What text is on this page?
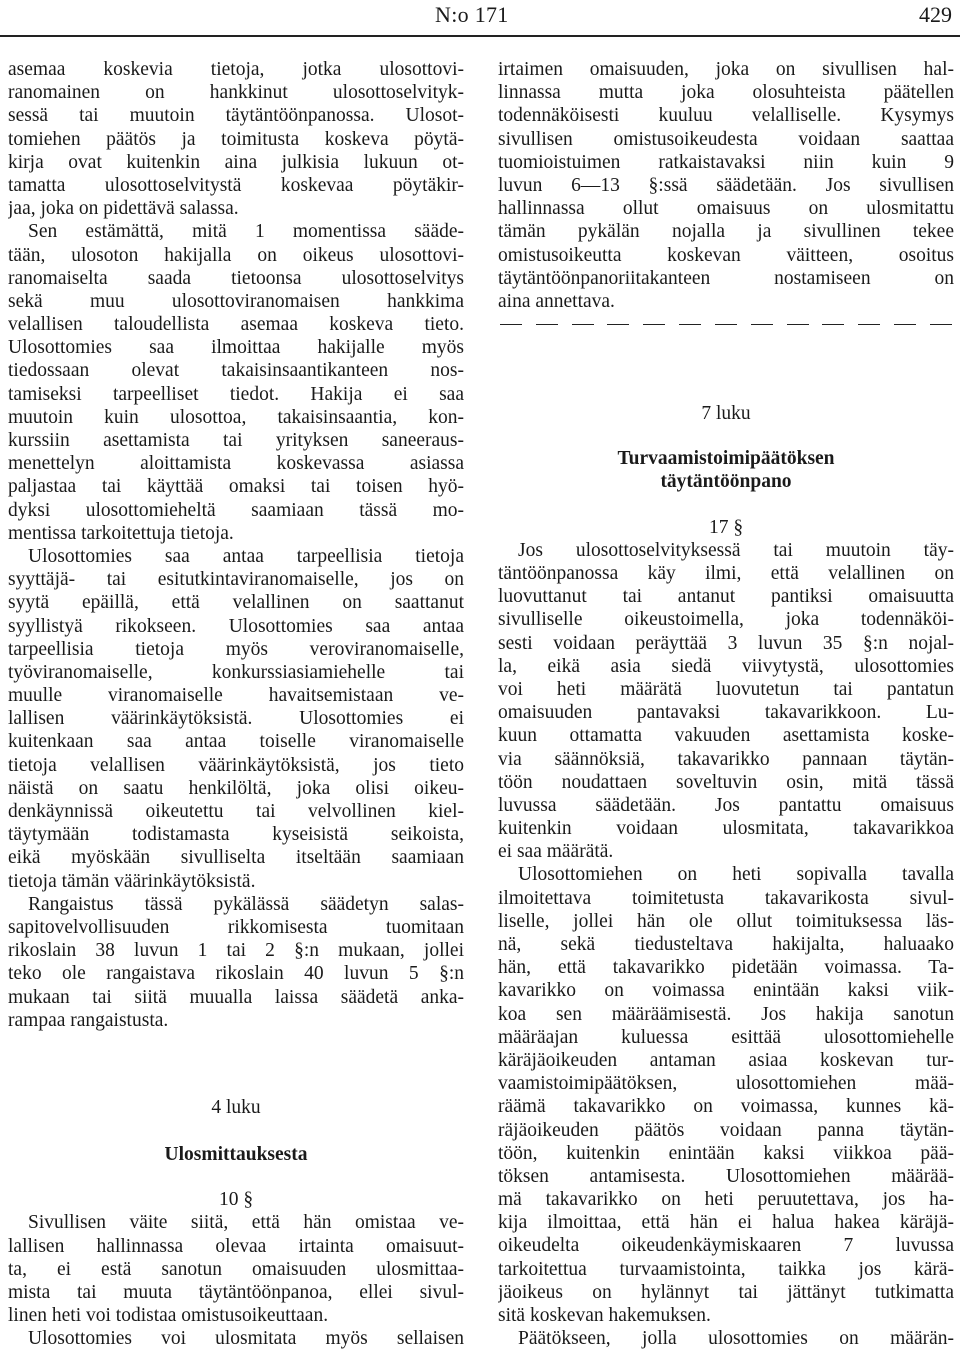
N:o 171	429
asemaa koskevia tietoja, jotka ulosottovi-
ranomainen on hankkinut ulosottoselvityk-
sessä tai muutoin täytäntöönpanossa. Ulosot-
tomiehen päätös ja toimitusta koskeva pöytä-
kirja ovat kuitenkin aina julkisia lukuun ot-
tamatta ulosottoselvitystä koskevaa pöytäkir-
jaa, joka on pidettävä salassa.
Sen estämättä, mitä 1 momentissa sääde-
tään, ulosoton hakijalla on oikeus ulosottovi-
ranomaiselta saada tietoonsa ulosottoselvitys
sekä muu ulosottoviranomaisen hankkima
velallisen taloudellista asemaa koskeva tieto.
Ulosottomies saa ilmoittaa hakijalle myös
tiedossaan olevat takaisinsaantikanteen nos-
tamiseksi tarpeelliset tiedot. Hakija ei saa
muutoin kuin ulosottoa, takaisinsaantia, kon-
kurssiin asettamista tai yrityksen saneeraus-
menettelyn aloittamista koskevassa asiassa
paljastaa tai käyttää omaksi tai toisen hyö-
dyksi ulosottomieheltä saamiaan tässä mo-
mentissa tarkoitettuja tietoja.
Ulosottomies saa antaa tarpeellisia tietoja
syyttäjä- tai esitutkintaviranomaiselle, jos on
syytä epäillä, että velallinen on saattanut
syyllistyä rikokseen. Ulosottomies saa antaa
tarpeellisia tietoja myös veroviranomaiselle,
työviranomaiselle, konkurssiasiamiehelle tai
muulle viranomaiselle havaitsemistaan ve-
lallisen väärinkäytöksistä. Ulosottomies ei
kuitenkaan saa antaa toiselle viranomaiselle
tietoja velallisen väärinkäytöksistä, jos tieto
näistä on saatu henkilöltä, joka olisi oikeu-
denkäynnissä oikeutettu tai velvollinen kiel-
täytymään todistamasta kyseisistä seikoista,
eikä myöskään sivulliselta itseltään saamiaan
tietoja tämän väärinkäytöksistä.
Rangaistus tässä pykälässä säädetyn salas-
sapitovelvollisuuden rikkomisesta tuomitaan
rikoslain 38 luvun 1 tai 2 §:n mukaan, jollei
teko ole rangaistava rikoslain 40 luvun 5 §:n
mukaan tai siitä muualla laissa säädetä anka-
rampaa rangaistusta.
4 luku
Ulosmittauksesta
10 §
Sivullisen väite siitä, että hän omistaa ve-
lallisen hallinnassa olevaa irtainta omaisuut-
ta, ei estä sanotun omaisuuden ulosmittaa-
mista tai muuta täytäntöönpanoa, ellei sivul-
linen heti voi todistaa omistusoikeuttaan.
Ulosottomies voi ulosmitata myös sellaisen
irtaimen omaisuuden, joka on sivullisen hal-
linnassa mutta joka olosuhteista päätellen
todennäköisesti kuuluu velalliselle. Kysymys
sivullisen omistusoikeudesta voidaan saattaa
tuomioistuimen ratkaistavaksi niin kuin 9
luvun 6—13 §:ssä säädetään. Jos sivullisen
hallinnassa ollut omaisuus on ulosmitattu
tämän pykälän nojalla ja sivullinen tekee
omistusoikeutta koskevan väitteen, osoitus
täytäntöönpanoriitakanteen nostamiseen on
aina annettava.
7 luku
Turvaamistoimipäätöksen
täytäntöönpano
17 §
Jos ulosottoselvityksessä tai muutoin täy-
täntöönpanossa käy ilmi, että velallinen on
luovuttanut tai antanut pantiksi omaisuutta
sivulliselle oikeustoimella, joka todennäköi-
sesti voidaan peräyttää 3 luvun 35 §:n nojal-
la, eikä asia siedä viivytystä, ulosottomies
voi heti määrätä luovutetun tai pantatun
omaisuuden pantavaksi takavarikkoon. Lu-
kuun ottamatta vakuuden asettamista koske-
via säännöksiä, takavarikko pannaan täytän-
töön noudattaen soveltuvin osin, mitä tässä
luvussa säädetään. Jos pantattu omaisuus
kuitenkin voidaan ulosmitata, takavarikkoa
ei saa määrätä.
Ulosottomiehen on heti sopivalla tavalla
ilmoitettava toimitetusta takavarikosta sivul-
liselle, jollei hän ole ollut toimituksessa läs-
nä, sekä tiedusteltava hakijalta, haluaako
hän, että takavarikko pidetään voimassa. Ta-
kavarikko on voimassa enintään kaksi viik-
koa sen määräämisestä. Jos hakija sanotun
määräajan kuluessa esittää ulosottomiehelle
käräjäoikeuden antaman asiaa koskevan tur-
vaamistoimipäätöksen, ulosottomiehen mää-
räämä takavarikko on voimassa, kunnes kä-
räjäoikeuden päätös voidaan panna täytän-
töön, kuitenkin enintään kaksi viikkoa pää-
töksen antamisesta. Ulosottomiehen määrää-
mä takavarikko on heti peruutettava, jos ha-
kija ilmoittaa, että hän ei halua hakea käräjä-
oikeudelta oikeudenkäymiskaaren 7 luvussa
tarkoitettua turvaamistointa, taikka jos kärä-
jäoikeus on hylännyt tai jättänyt tutkimatta
sitä koskevan hakemuksen.
Päätökseen, jolla ulosottomies on määrän-
